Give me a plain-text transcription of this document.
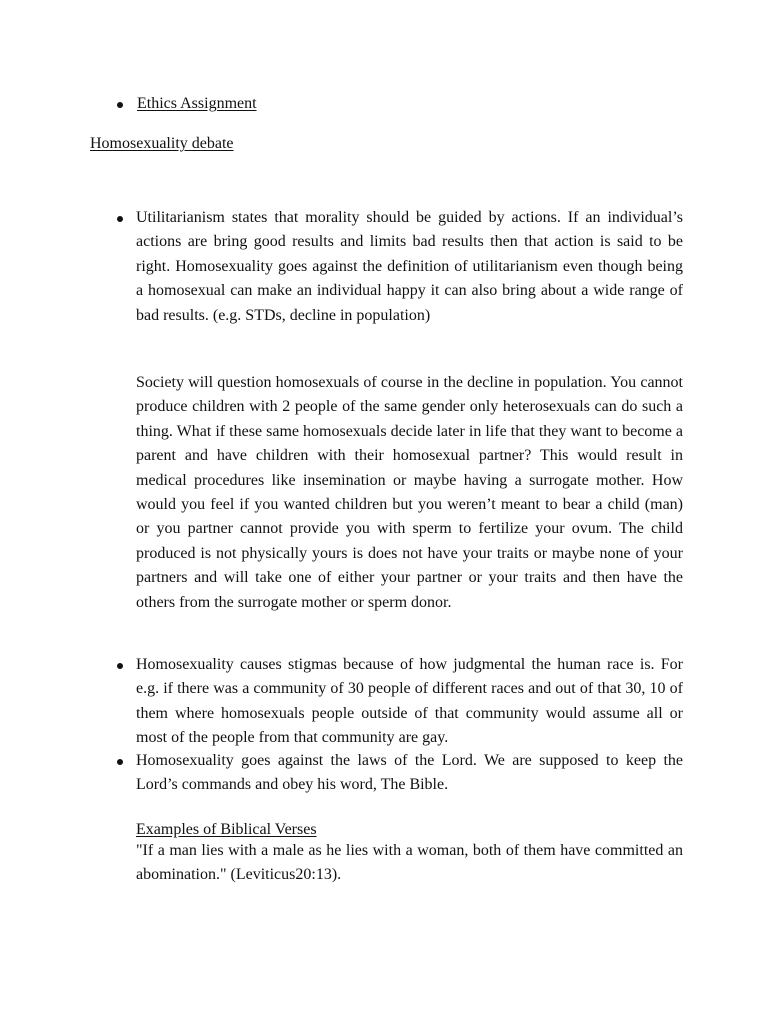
Ethics Assignment
Homosexuality debate
Utilitarianism states that morality should be guided by actions. If an individual’s actions are bring good results and limits bad results then that action is said to be right. Homosexuality goes against the definition of utilitarianism even though being a homosexual can make an individual happy it can also bring about a wide range of bad results. (e.g. STDs, decline in population)
Society will question homosexuals of course in the decline in population. You cannot produce children with 2 people of the same gender only heterosexuals can do such a thing. What if these same homosexuals decide later in life that they want to become a parent and have children with their homosexual partner? This would result in medical procedures like insemination or maybe having a surrogate mother. How would you feel if you wanted children but you weren’t meant to bear a child (man) or you partner cannot provide you with sperm to fertilize your ovum. The child produced is not physically yours is does not have your traits or maybe none of your partners and will take one of either your partner or your traits and then have the others from the surrogate mother or sperm donor.
Homosexuality causes stigmas because of how judgmental the human race is. For e.g. if there was a community of 30 people of different races and out of that 30, 10 of them where homosexuals people outside of that community would assume all or most of the people from that community are gay.
Homosexuality goes against the laws of the Lord. We are supposed to keep the Lord’s commands and obey his word, The Bible.
Examples of Biblical Verses
"If a man lies with a male as he lies with a woman, both of them have committed an abomination." (Leviticus20:13).
